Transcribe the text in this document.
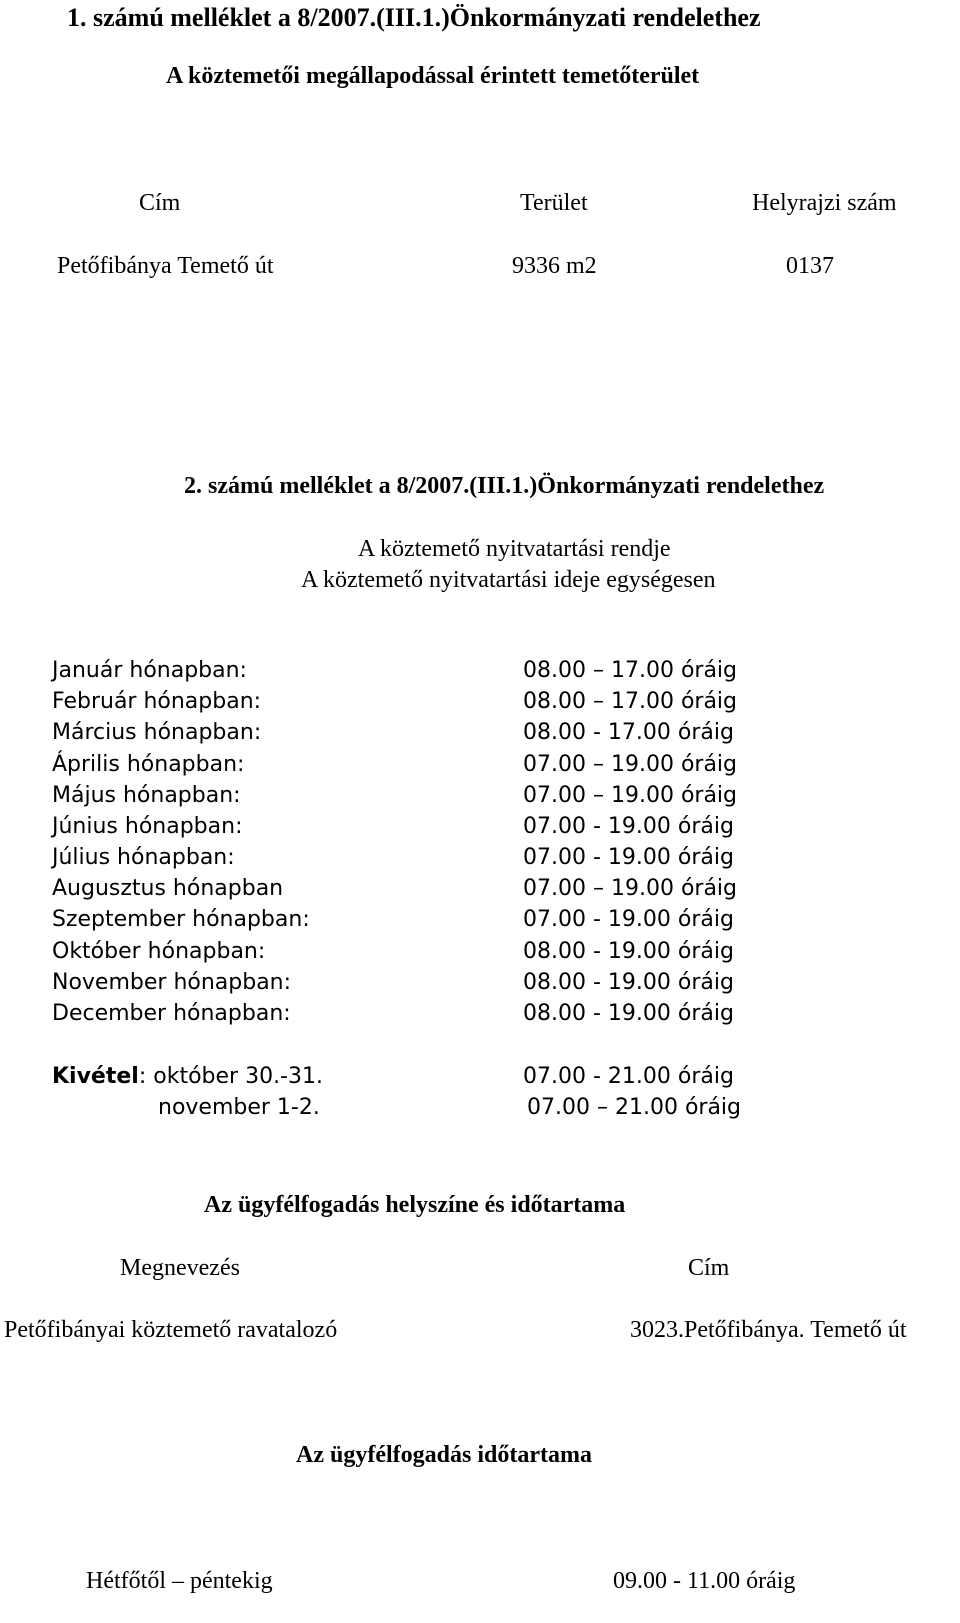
1. számú melléklet a 8/2007.(III.1.)Önkormányzati rendelethez
A köztemetői megállapodással érintett temetőterület
Cím	Terület	Helyrajzi szám
Petőfibánya Temető út	9336 m2	0137
2. számú melléklet a 8/2007.(III.1.)Önkormányzati rendelethez
A köztemető nyitvatartási rendje
A köztemető nyitvatartási ideje egységesen
Január hónapban:	08.00 – 17.00 óráig
Február hónapban:	08.00 – 17.00 óráig
Március hónapban:	08.00 - 17.00 óráig
Április hónapban:	07.00 – 19.00 óráig
Május hónapban:	07.00 – 19.00 óráig
Június hónapban:	07.00 - 19.00 óráig
Július hónapban:	07.00 - 19.00 óráig
Augusztus hónapban	07.00 – 19.00 óráig
Szeptember hónapban:	07.00 - 19.00 óráig
Október hónapban:	08.00 - 19.00 óráig
November hónapban:	08.00 - 19.00 óráig
December hónapban:	08.00 - 19.00 óráig
Kivétel: október 30.-31.	07.00 - 21.00 óráig
november 1-2.	07.00 – 21.00 óráig
Az ügyfélfogadás helyszíne és időtartama
Megnevezés	Cím
Petőfibányai köztemető ravatalozó	3023.Petőfibánya. Temető út
Az ügyfélfogadás időtartama
Hétfőtől – péntekig	09.00 - 11.00 óráig
